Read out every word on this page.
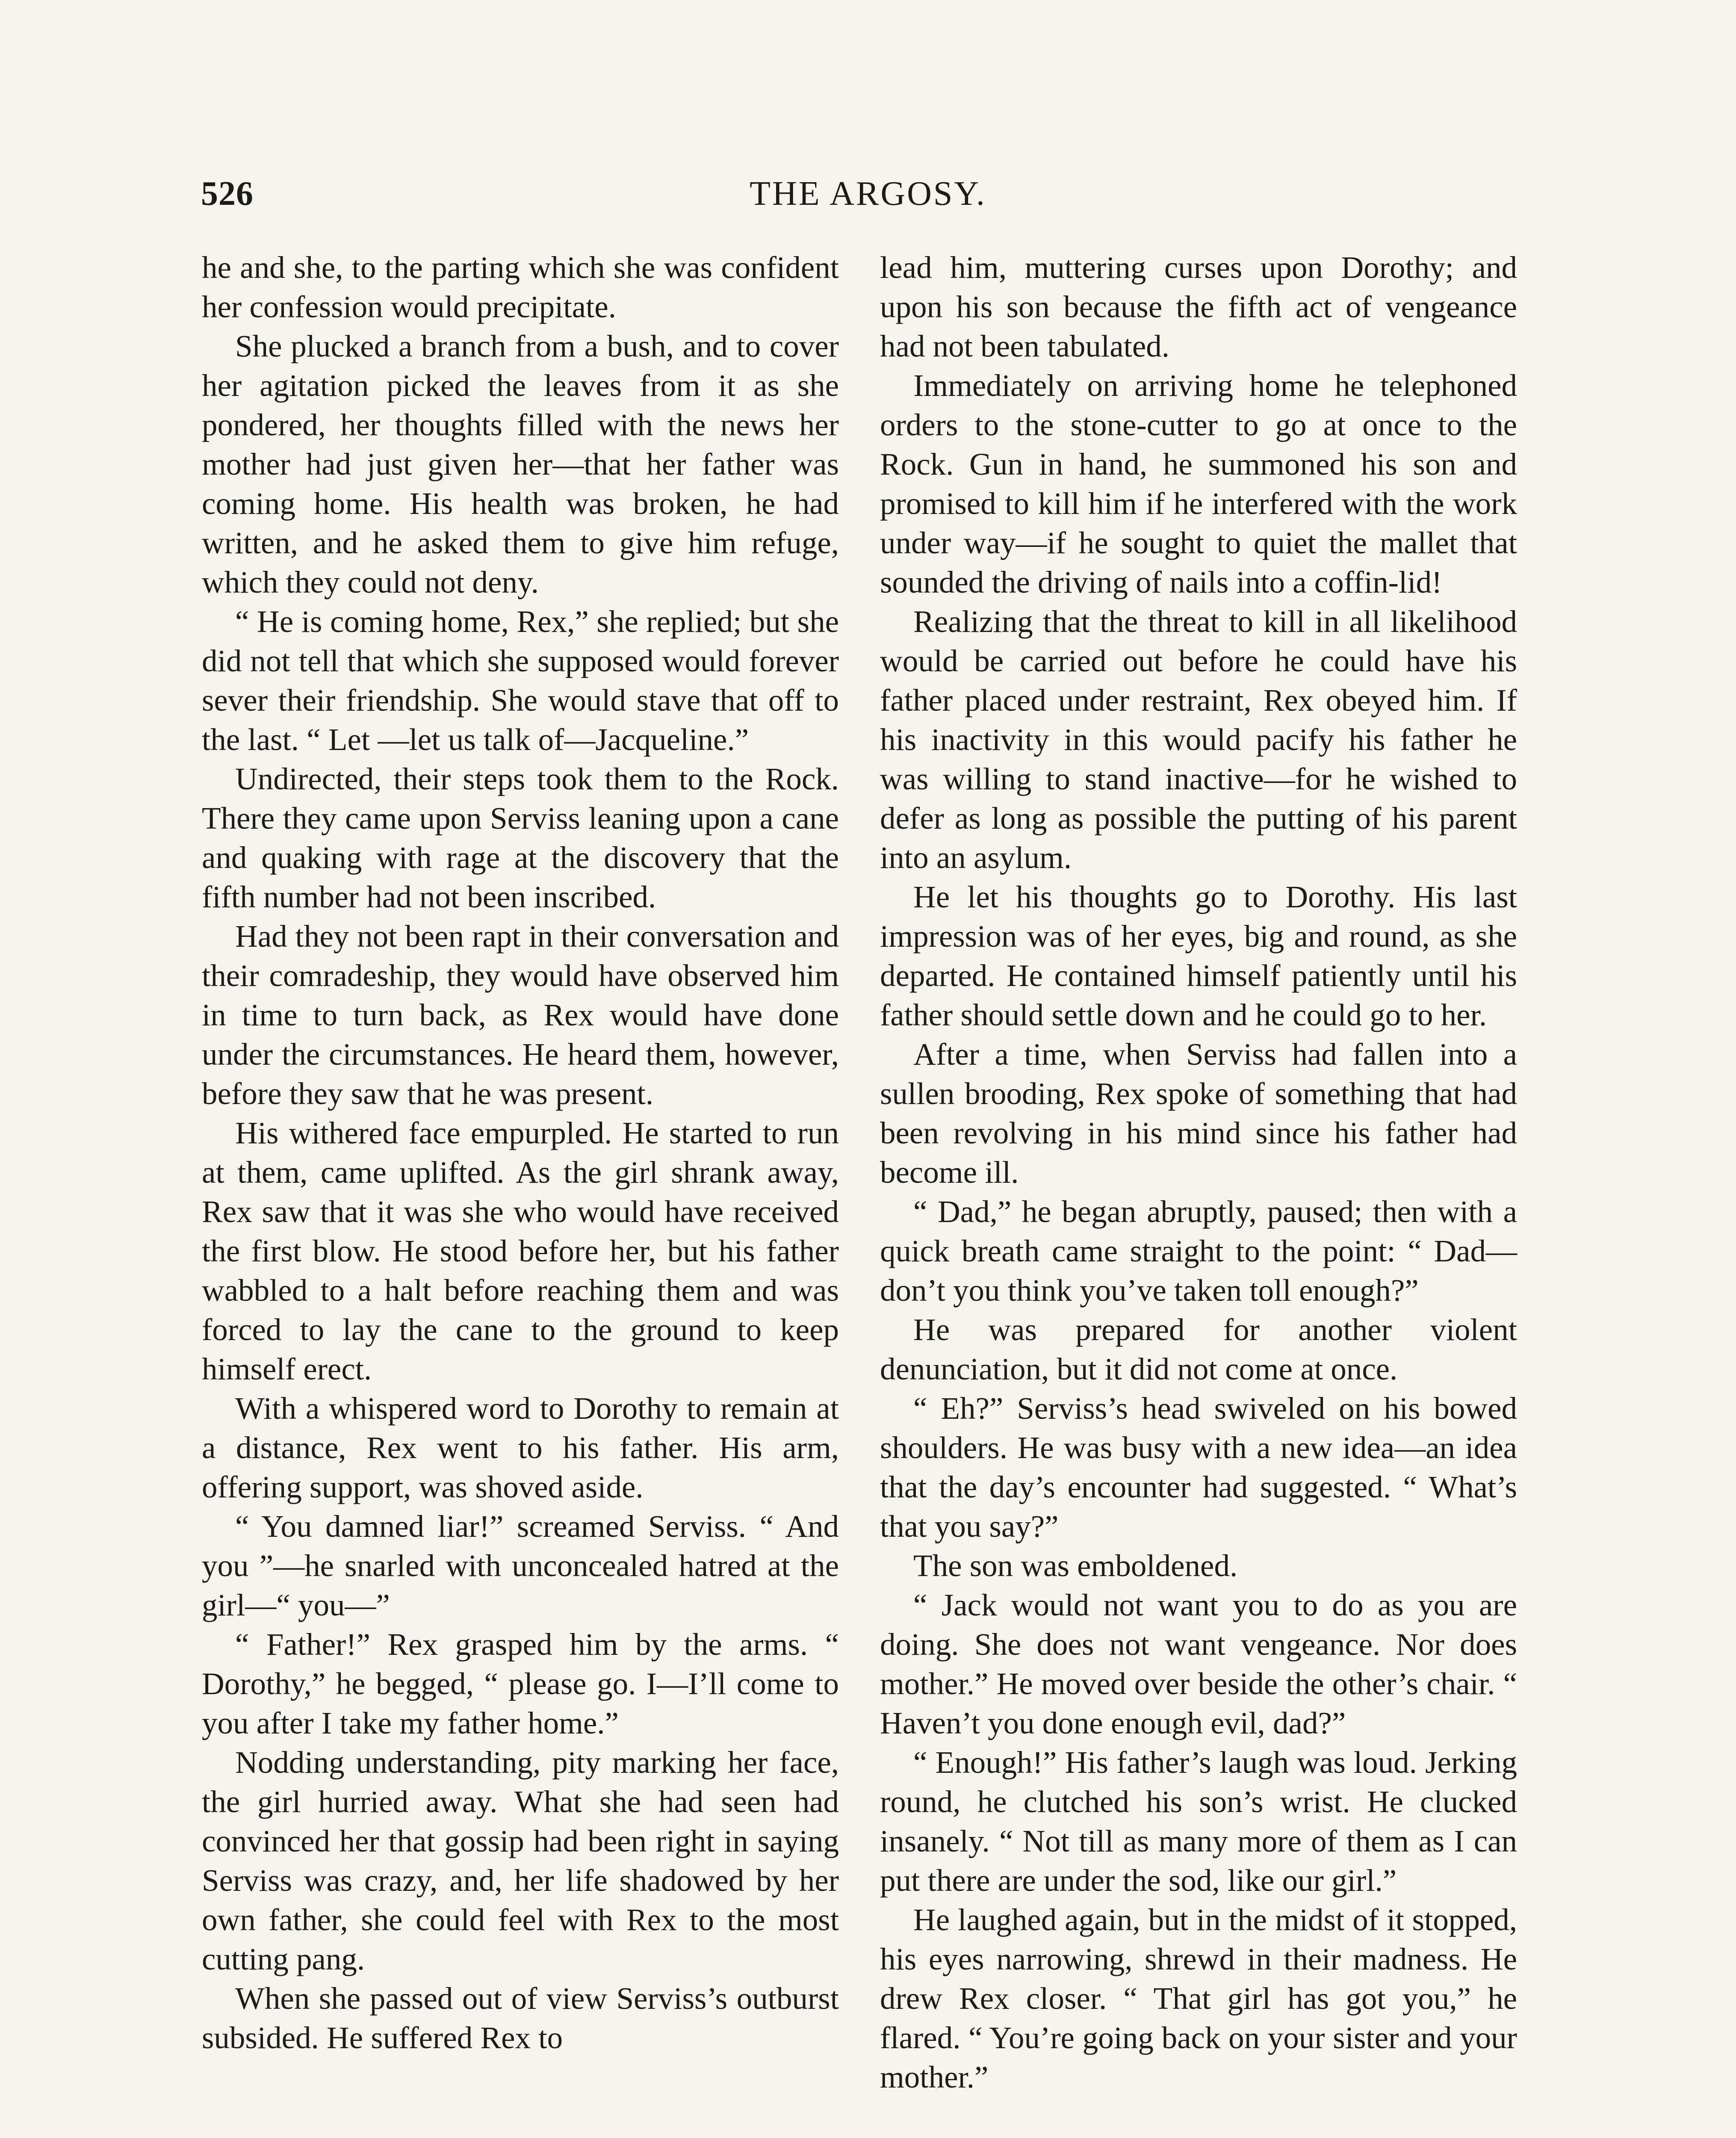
526	THE ARGOSY.

he and she, to the parting which she was confident her confession would precipitate.

She plucked a branch from a bush, and to cover her agitation picked the leaves from it as she pondered, her thoughts filled with the news her mother had just given her—that her father was coming home. His health was broken, he had written, and he asked them to give him refuge, which they could not deny.

“ He is coming home, Rex,” she replied; but she did not tell that which she supposed would forever sever their friendship. She would stave that off to the last. “ Let —let us talk of—Jacqueline.”

Undirected, their steps took them to the Rock. There they came upon Serviss leaning upon a cane and quaking with rage at the discovery that the fifth number had not been inscribed.

Had they not been rapt in their conversation and their comradeship, they would have observed him in time to turn back, as Rex would have done under the circumstances. He heard them, however, before they saw that he was present.

His withered face empurpled. He started to run at them, came uplifted. As the girl shrank away, Rex saw that it was she who would have received the first blow. He stood before her, but his father wabbled to a halt before reaching them and was forced to lay the cane to the ground to keep himself erect.

With a whispered word to Dorothy to remain at a distance, Rex went to his father. His arm, offering support, was shoved aside.

“ You damned liar!” screamed Serviss. “ And you ”—he snarled with unconcealed hatred at the girl—“ you—”

“ Father!” Rex grasped him by the arms. “ Dorothy,” he begged, “ please go. I—I’ll come to you after I take my father home.”

Nodding understanding, pity marking her face, the girl hurried away. What she had seen had convinced her that gossip had been right in saying Serviss was crazy, and, her life shadowed by her own father, she could feel with Rex to the most cutting pang.

When she passed out of view Serviss’s outburst subsided. He suffered Rex to

lead him, muttering curses upon Dorothy; and upon his son because the fifth act of vengeance had not been tabulated.

Immediately on arriving home he telephoned orders to the stone-cutter to go at once to the Rock. Gun in hand, he summoned his son and promised to kill him if he interfered with the work under way—if he sought to quiet the mallet that sounded the driving of nails into a coffin-lid!

Realizing that the threat to kill in all likelihood would be carried out before he could have his father placed under restraint, Rex obeyed him. If his inactivity in this would pacify his father he was willing to stand inactive—for he wished to defer as long as possible the putting of his parent into an asylum.

He let his thoughts go to Dorothy. His last impression was of her eyes, big and round, as she departed. He contained himself patiently until his father should settle down and he could go to her.

After a time, when Serviss had fallen into a sullen brooding, Rex spoke of something that had been revolving in his mind since his father had become ill.

“ Dad,” he began abruptly, paused; then with a quick breath came straight to the point: “ Dad—don’t you think you’ve taken toll enough?”

He was prepared for another violent denunciation, but it did not come at once.

“ Eh?” Serviss’s head swiveled on his bowed shoulders. He was busy with a new idea—an idea that the day’s encounter had suggested. “ What’s that you say?”

The son was emboldened.

“ Jack would not want you to do as you are doing. She does not want vengeance. Nor does mother.” He moved over beside the other’s chair. “ Haven’t you done enough evil, dad?”

“ Enough!” His father’s laugh was loud. Jerking round, he clutched his son’s wrist. He clucked insanely. “ Not till as many more of them as I can put there are under the sod, like our girl.”

He laughed again, but in the midst of it stopped, his eyes narrowing, shrewd in their madness. He drew Rex closer. “ That girl has got you,” he flared. “ You’re going back on your sister and your mother.”
